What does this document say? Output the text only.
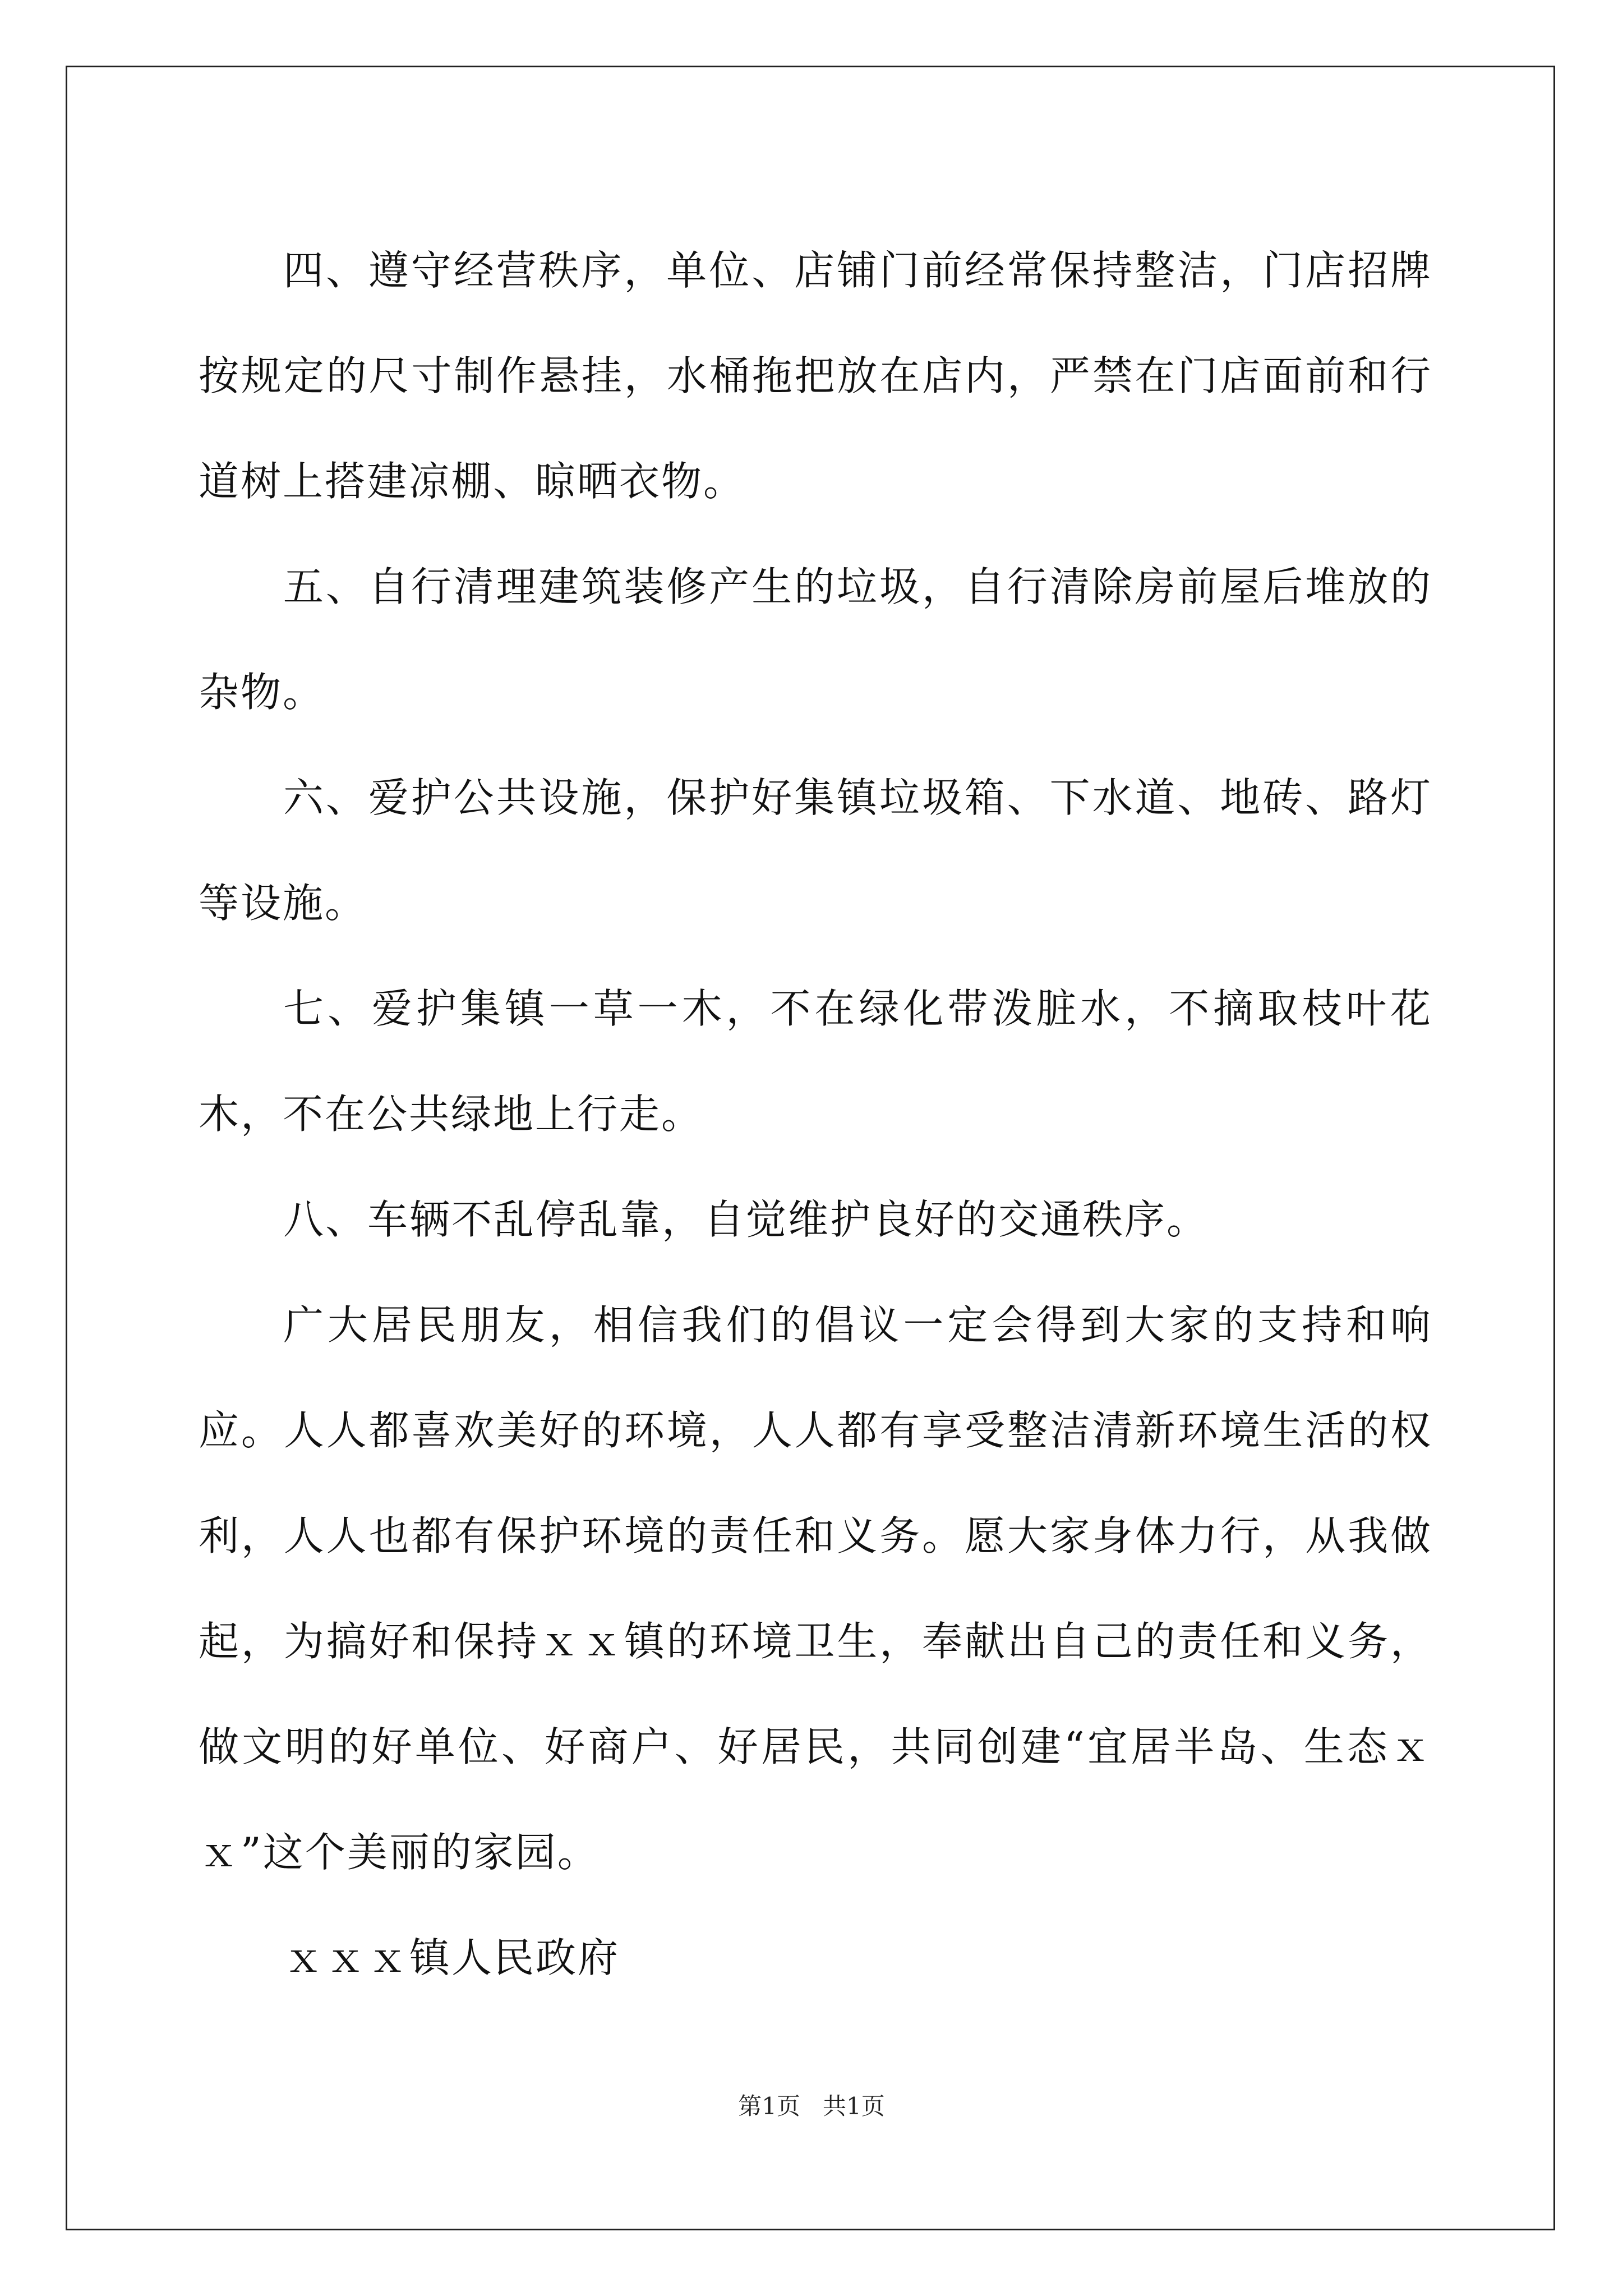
四、遵守经营秩序，单位、店铺门前经常保持整洁，门店招牌按规定的尺寸制作悬挂，水桶拖把放在店内，严禁在门店面前和行道树上搭建凉棚、晾晒衣物。

五、自行清理建筑装修产生的垃圾，自行清除房前屋后堆放的杂物。

六、爱护公共设施，保护好集镇垃圾箱、下水道、地砖、路灯等设施。

七、爱护集镇一草一木，不在绿化带泼脏水，不摘取枝叶花木，不在公共绿地上行走。

八、车辆不乱停乱靠，自觉维护良好的交通秩序。

广大居民朋友，相信我们的倡议一定会得到大家的支持和响应。人人都喜欢美好的环境，人人都有享受整洁清新环境生活的权利，人人也都有保护环境的责任和义务。愿大家身体力行，从我做起，为搞好和保持ｘｘ镇的环境卫生，奉献出自己的责任和义务，做文明的好单位、好商户、好居民，共同创建“宜居半岛、生态ｘｘ”这个美丽的家园。

ｘｘｘ镇人民政府

第1页 共1页
